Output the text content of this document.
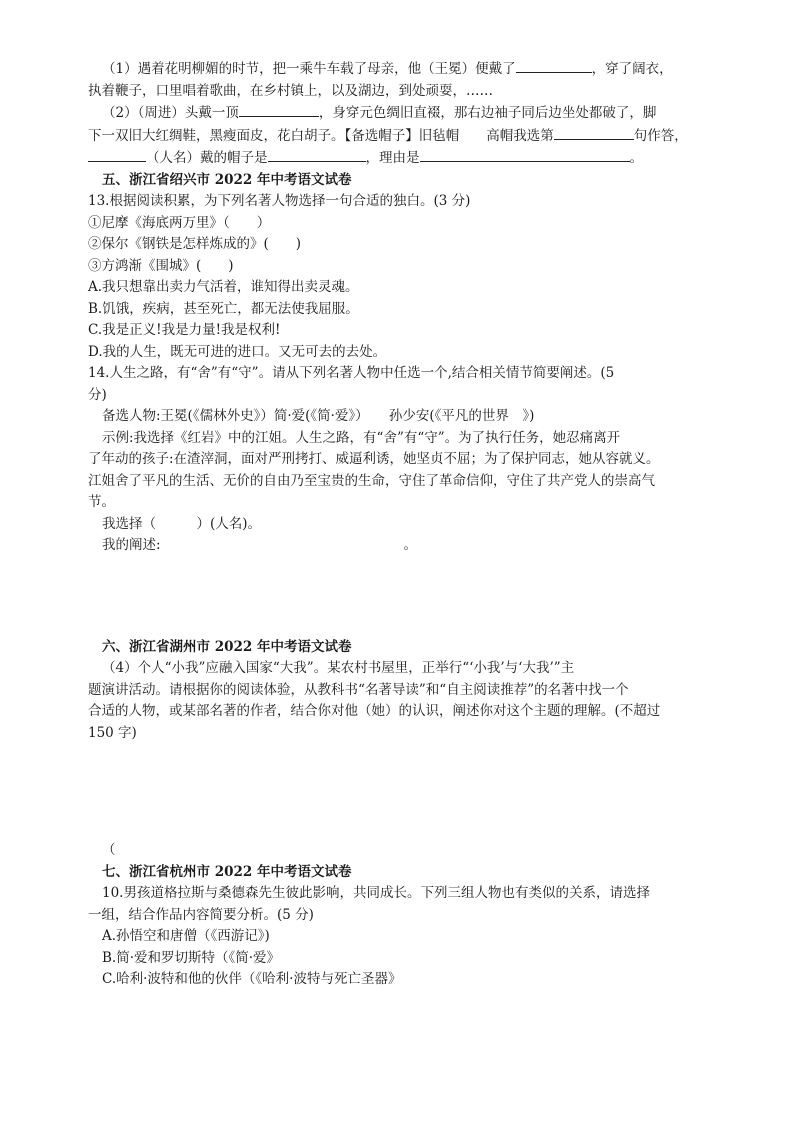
（1）遇着花明柳媚的时节，把一乘牛车载了母亲，他（王冕）便戴了	，穿了阔衣，

执着鞭子，口里唱着歌曲，在乡村镇上，以及湖边，到处顽耍，……

（2）（周进）头戴一顶	，身穿元色绸旧直裰，那右边袖子同后边坐处都破了，脚

下一双旧大红绸鞋，黑瘦面皮，花白胡子。【备选帽子】旧毡帽　　高帽我选第	句作答，

（人名）戴的帽子是	，理由是	。

五、浙江省绍兴市 2022 年中考语文试卷

13.根据阅读积累，为下列名著人物选择一句合适的独白。(3 分)

①尼摩《海底两万里》（　　）

②保尔《钢铁是怎样炼成的》(　　)

③方鸿渐《围城》(　　)

A.我只想靠出卖力气活着，谁知得出卖灵魂。

B.饥饿，疾病，甚至死亡，都无法使我屈服。

C.我是正义!我是力量!我是权利!

D.我的人生，既无可进的进口。又无可去的去处。

14.人生之路，有“舍”有“守”。请从下列名著人物中任选一个,结合相关情节简要阐述。(5

分)

备选人物:王冕(《儒林外史》）简·爱(《简·爱》）　　孙少安(《平凡的世界　》)

示例:我选择《红岩》中的江姐。人生之路，有“舍”有“守”。为了执行任务，她忍痛离开

了年动的孩子:在渣滓洞，面对严刑拷打、威逼利诱，她坚贞不屈；为了保护同志，她从容就义。

江姐舍了平凡的生活、无价的自由乃至宝贵的生命，守住了革命信仰，守住了共产党人的崇高气

节。

我选择（　　　）(人名)。

我的阐述:　　　　　　　　　　　　　　　　　　。

六、浙江省湖州市 2022 年中考语文试卷

（4）个人“小我”应融入国家“大我”。某农村书屋里，正举行“‘小我’与‘大我’”主

题演讲活动。请根据你的阅读体验，从教科书“名著导读”和“自主阅读推荐”的名著中找一个

合适的人物，或某部名著的作者，结合你对他（她）的认识，阐述你对这个主题的理解。(不超过

150 字)

（

七、浙江省杭州市 2022 年中考语文试卷

10.男孩道格拉斯与桑德森先生彼此影响，共同成长。下列三组人物也有类似的关系，请选择

一组，结合作品内容简要分析。(5 分)

A.孙悟空和唐僧（《西游记》)

B.简·爱和罗切斯特（《简·爱》

C.哈利·波特和他的伙伴（《哈利·波特与死亡圣器》
